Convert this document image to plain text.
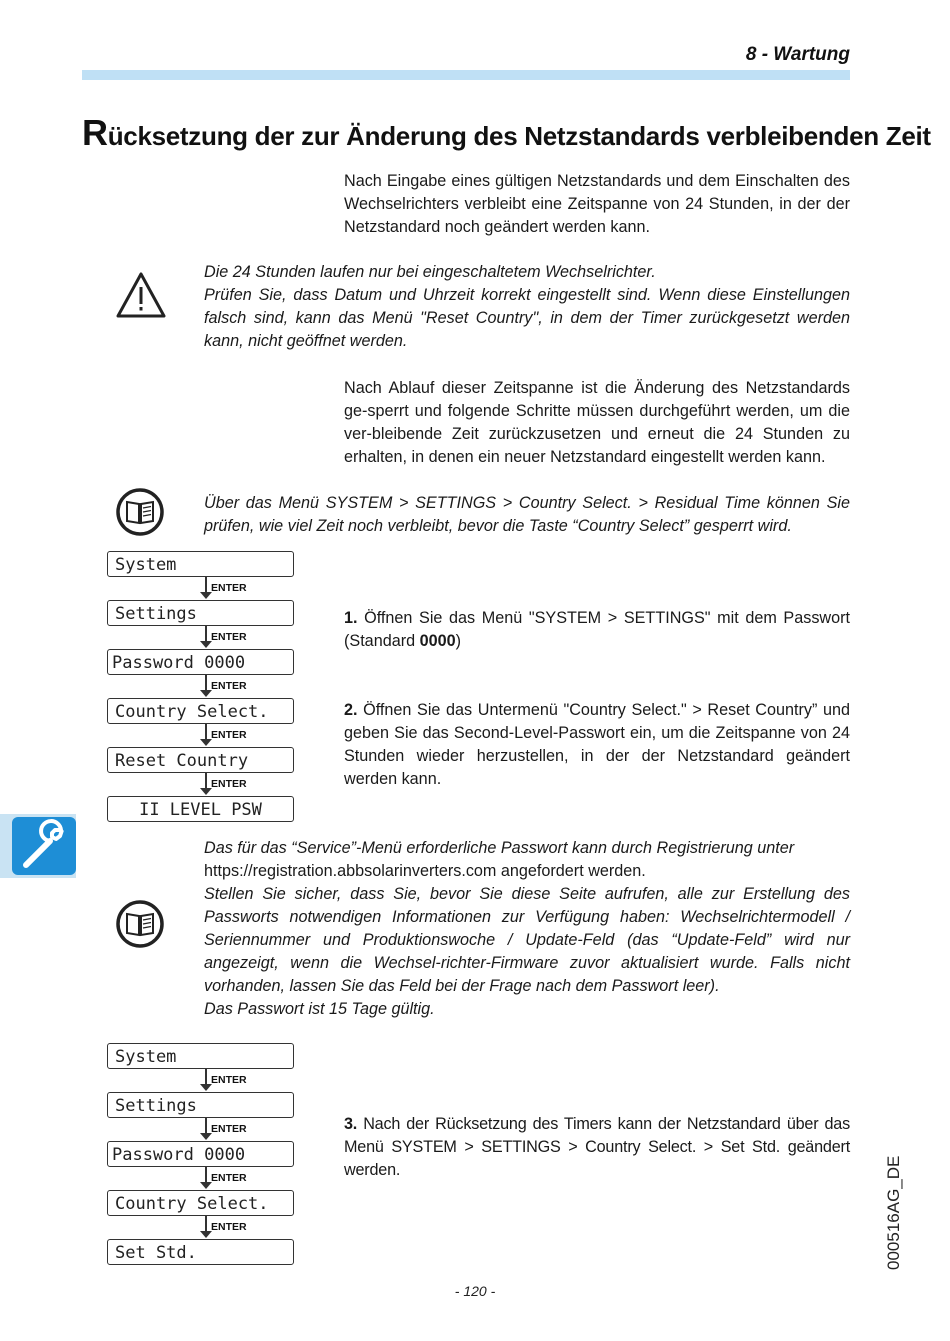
8 - Wartung
Rücksetzung der zur Änderung des Netzstandards verbleibenden Zeit
Nach Eingabe eines gültigen Netzstandards und dem Einschalten des Wechselrichters verbleibt eine Zeitspanne von 24 Stunden, in der der Netzstandard noch geändert werden kann.
Die 24 Stunden laufen nur bei eingeschaltetem Wechselrichter.
Prüfen Sie, dass Datum und Uhrzeit korrekt eingestellt sind. Wenn diese Einstellungen falsch sind, kann das Menü "Reset Country", in dem der Timer zurückgesetzt werden kann, nicht geöffnet werden.
Nach Ablauf dieser Zeitspanne ist die Änderung des Netzstandards ge-sperrt und folgende Schritte müssen durchgeführt werden, um die ver-bleibende Zeit zurückzusetzen und erneut die 24 Stunden zu erhalten, in denen ein neuer Netzstandard eingestellt werden kann.
Über das Menü SYSTEM > SETTINGS > Country Select. > Residual Time können Sie prüfen, wie viel Zeit noch verbleibt, bevor die Taste “Country Select” gesperrt wird.
System
ENTER
Settings
ENTER
Password 0000
ENTER
Country Select.
ENTER
Reset Country
ENTER
II LEVEL PSW
1. Öffnen Sie das Menü "SYSTEM > SETTINGS" mit dem Passwort (Standard 0000)
2. Öffnen Sie das Untermenü "Country Select." > Reset Country” und geben Sie das Second-Level-Passwort ein, um die Zeitspanne von 24 Stunden wieder herzustellen, in der der Netzstandard geändert werden kann.
Das für das “Service”-Menü erforderliche Passwort kann durch Registrierung unter
https://registration.abbsolarinverters.com angefordert werden.
Stellen Sie sicher, dass Sie, bevor Sie diese Seite aufrufen, alle zur Erstellung des Passworts notwendigen Informationen zur Verfügung haben: Wechselrichtermodell / Seriennummer und Produktionswoche / Update-Feld (das “Update-Feld” wird nur angezeigt, wenn die Wechsel-richter-Firmware zuvor aktualisiert wurde. Falls nicht vorhanden, lassen Sie das Feld bei der Frage nach dem Passwort leer).
Das Passwort ist 15 Tage gültig.
System
ENTER
Settings
ENTER
Password 0000
ENTER
Country Select.
ENTER
Set Std.
3. Nach der Rücksetzung des Timers kann der Netzstandard über das Menü SYSTEM > SETTINGS > Country Select. > Set Std. geändert werden.	000516AG_DE
- 120 -
